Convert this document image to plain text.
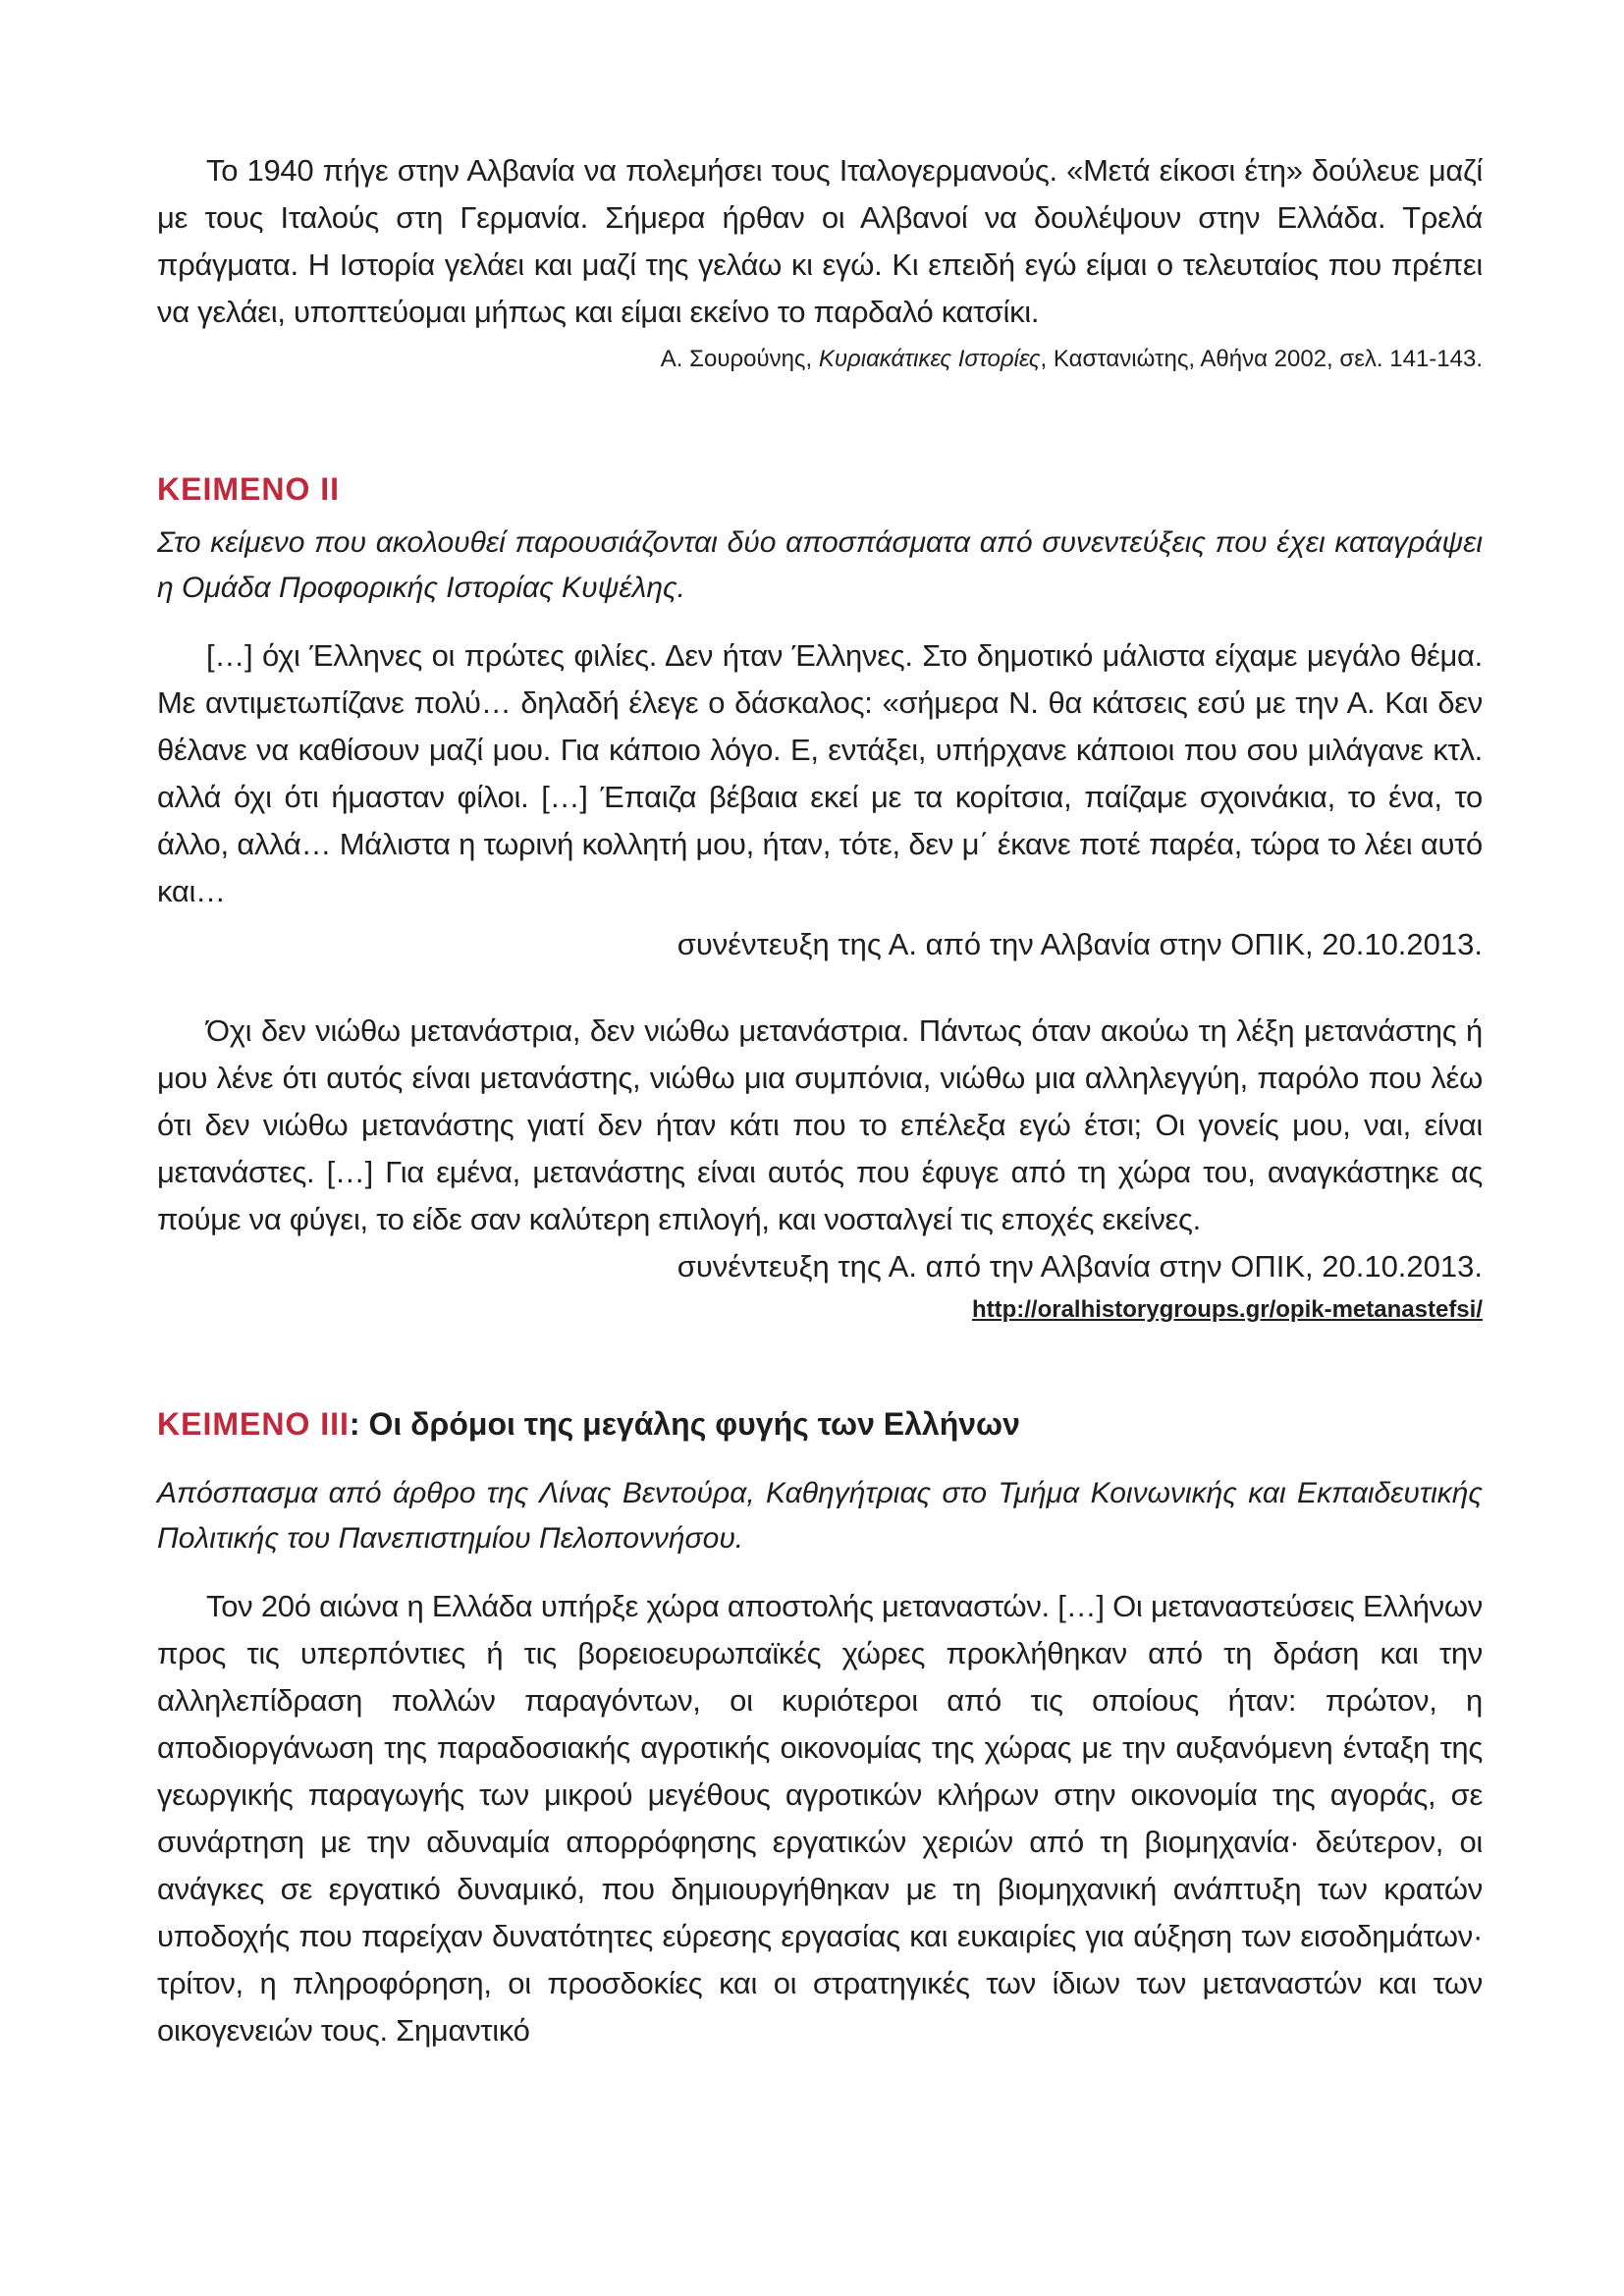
Το 1940 πήγε στην Αλβανία να πολεμήσει τους Ιταλογερμανούς. «Μετά είκοσι έτη» δούλευε μαζί με τους Ιταλούς στη Γερμανία. Σήμερα ήρθαν οι Αλβανοί να δουλέψουν στην Ελλάδα. Τρελά πράγματα. Η Ιστορία γελάει και μαζί της γελάω κι εγώ. Κι επειδή εγώ είμαι ο τελευταίος που πρέπει να γελάει, υποπτεύομαι μήπως και είμαι εκείνο το παρδαλό κατσίκι.

Α. Σουρούνης, Κυριακάτικες Ιστορίες, Καστανιώτης, Αθήνα 2002, σελ. 141-143.

ΚΕΙΜΕΝΟ ΙΙ

Στο κείμενο που ακολουθεί παρουσιάζονται δύο αποσπάσματα από συνεντεύξεις που έχει καταγράψει η Ομάδα Προφορικής Ιστορίας Κυψέλης.

[…] όχι Έλληνες οι πρώτες φιλίες. Δεν ήταν Έλληνες. Στο δημοτικό μάλιστα είχαμε μεγάλο θέμα. Με αντιμετωπίζανε πολύ… δηλαδή έλεγε ο δάσκαλος: «σήμερα Ν. θα κάτσεις εσύ με την Α. Και δεν θέλανε να καθίσουν μαζί μου. Για κάποιο λόγο. Ε, εντάξει, υπήρχανε κάποιοι που σου μιλάγανε κτλ. αλλά όχι ότι ήμασταν φίλοι. […] Έπαιζα βέβαια εκεί με τα κορίτσια, παίζαμε σχοινάκια, το ένα, το άλλο, αλλά… Μάλιστα η τωρινή κολλητή μου, ήταν, τότε, δεν μ΄ έκανε ποτέ παρέα, τώρα το λέει αυτό και…

συνέντευξη της Α. από την Αλβανία στην ΟΠΙΚ, 20.10.2013.

Όχι δεν νιώθω μετανάστρια, δεν νιώθω μετανάστρια. Πάντως όταν ακούω τη λέξη μετανάστης ή μου λένε ότι αυτός είναι μετανάστης, νιώθω μια συμπόνια, νιώθω μια αλληλεγγύη, παρόλο που λέω ότι δεν νιώθω μετανάστης γιατί δεν ήταν κάτι που το επέλεξα εγώ έτσι; Οι γονείς μου, ναι, είναι μετανάστες. […] Για εμένα, μετανάστης είναι αυτός που έφυγε από τη χώρα του, αναγκάστηκε ας πούμε να φύγει, το είδε σαν καλύτερη επιλογή, και νοσταλγεί τις εποχές εκείνες.

συνέντευξη της Α. από την Αλβανία στην ΟΠΙΚ, 20.10.2013.

http://oralhistorygroups.gr/opik-metanastefsi/
ΚΕΙΜΕΝΟ ΙΙΙ: Οι δρόμοι της μεγάλης φυγής των Ελλήνων

Απόσπασμα από άρθρο της Λίνας Βεντούρα, Καθηγήτριας στο Τμήμα Κοινωνικής και Εκπαιδευτικής Πολιτικής του Πανεπιστημίου Πελοποννήσου.

Τον 20ό αιώνα η Ελλάδα υπήρξε χώρα αποστολής μεταναστών. […] Οι μεταναστεύσεις Ελλήνων προς τις υπερπόντιες ή τις βορειοευρωπαϊκές χώρες προκλήθηκαν από τη δράση και την αλληλεπίδραση πολλών παραγόντων, οι κυριότεροι από τις οποίους ήταν: πρώτον, η αποδιοργάνωση της παραδοσιακής αγροτικής οικονομίας της χώρας με την αυξανόμενη ένταξη της γεωργικής παραγωγής των μικρού μεγέθους αγροτικών κλήρων στην οικονομία της αγοράς, σε συνάρτηση με την αδυναμία απορρόφησης εργατικών χεριών από τη βιομηχανία· δεύτερον, οι ανάγκες σε εργατικό δυναμικό, που δημιουργήθηκαν με τη βιομηχανική ανάπτυξη των κρατών υποδοχής που παρείχαν δυνατότητες εύρεσης εργασίας και ευκαιρίες για αύξηση των εισοδημάτων· τρίτον, η πληροφόρηση, οι προσδοκίες και οι στρατηγικές των ίδιων των μεταναστών και των οικογενειών τους. Σημαντικό
